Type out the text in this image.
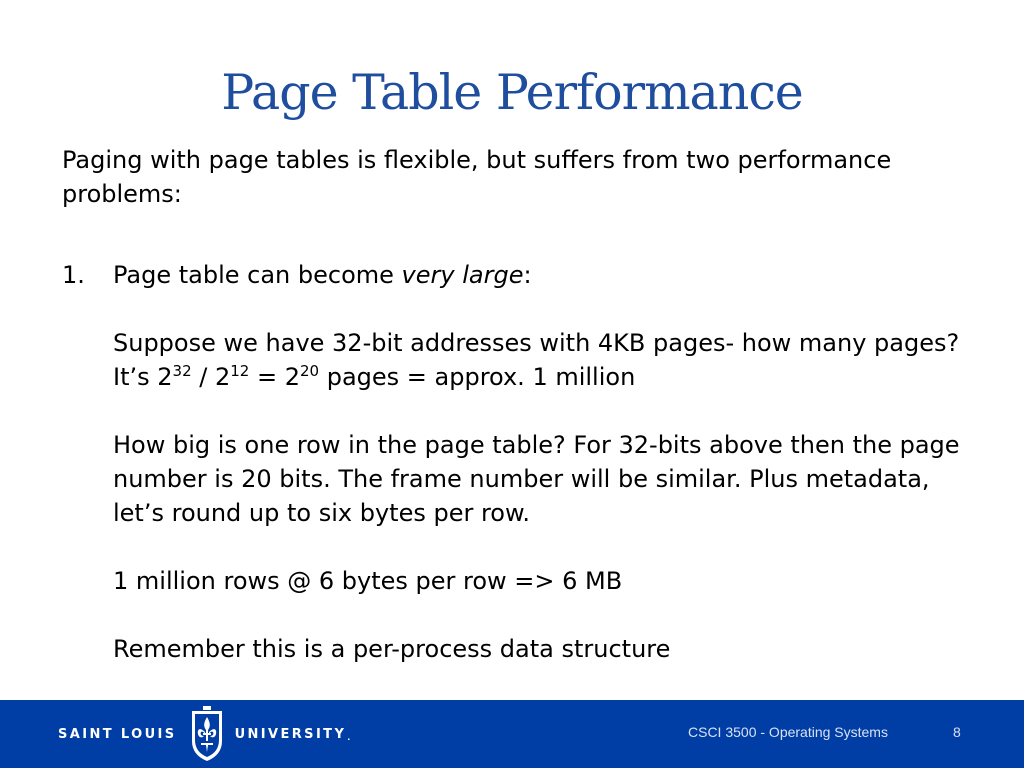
Page Table Performance

Paging with page tables is flexible, but suffers from two performance problems:

1. Page table can become very large:

Suppose we have 32-bit addresses with 4KB pages- how many pages? It’s $2^{32} / 2^{12} = 2^{20}$ pages = approx. 1 million

How big is one row in the page table? For 32-bits above then the page number is 20 bits. The frame number will be similar. Plus metadata, let’s round up to six bytes per row.

1 million rows @ 6 bytes per row => 6 MB

Remember this is a per-process data structure

SAINT LOUIS	UNIVERSITY.	CSCI 3500 - Operating Systems	8
